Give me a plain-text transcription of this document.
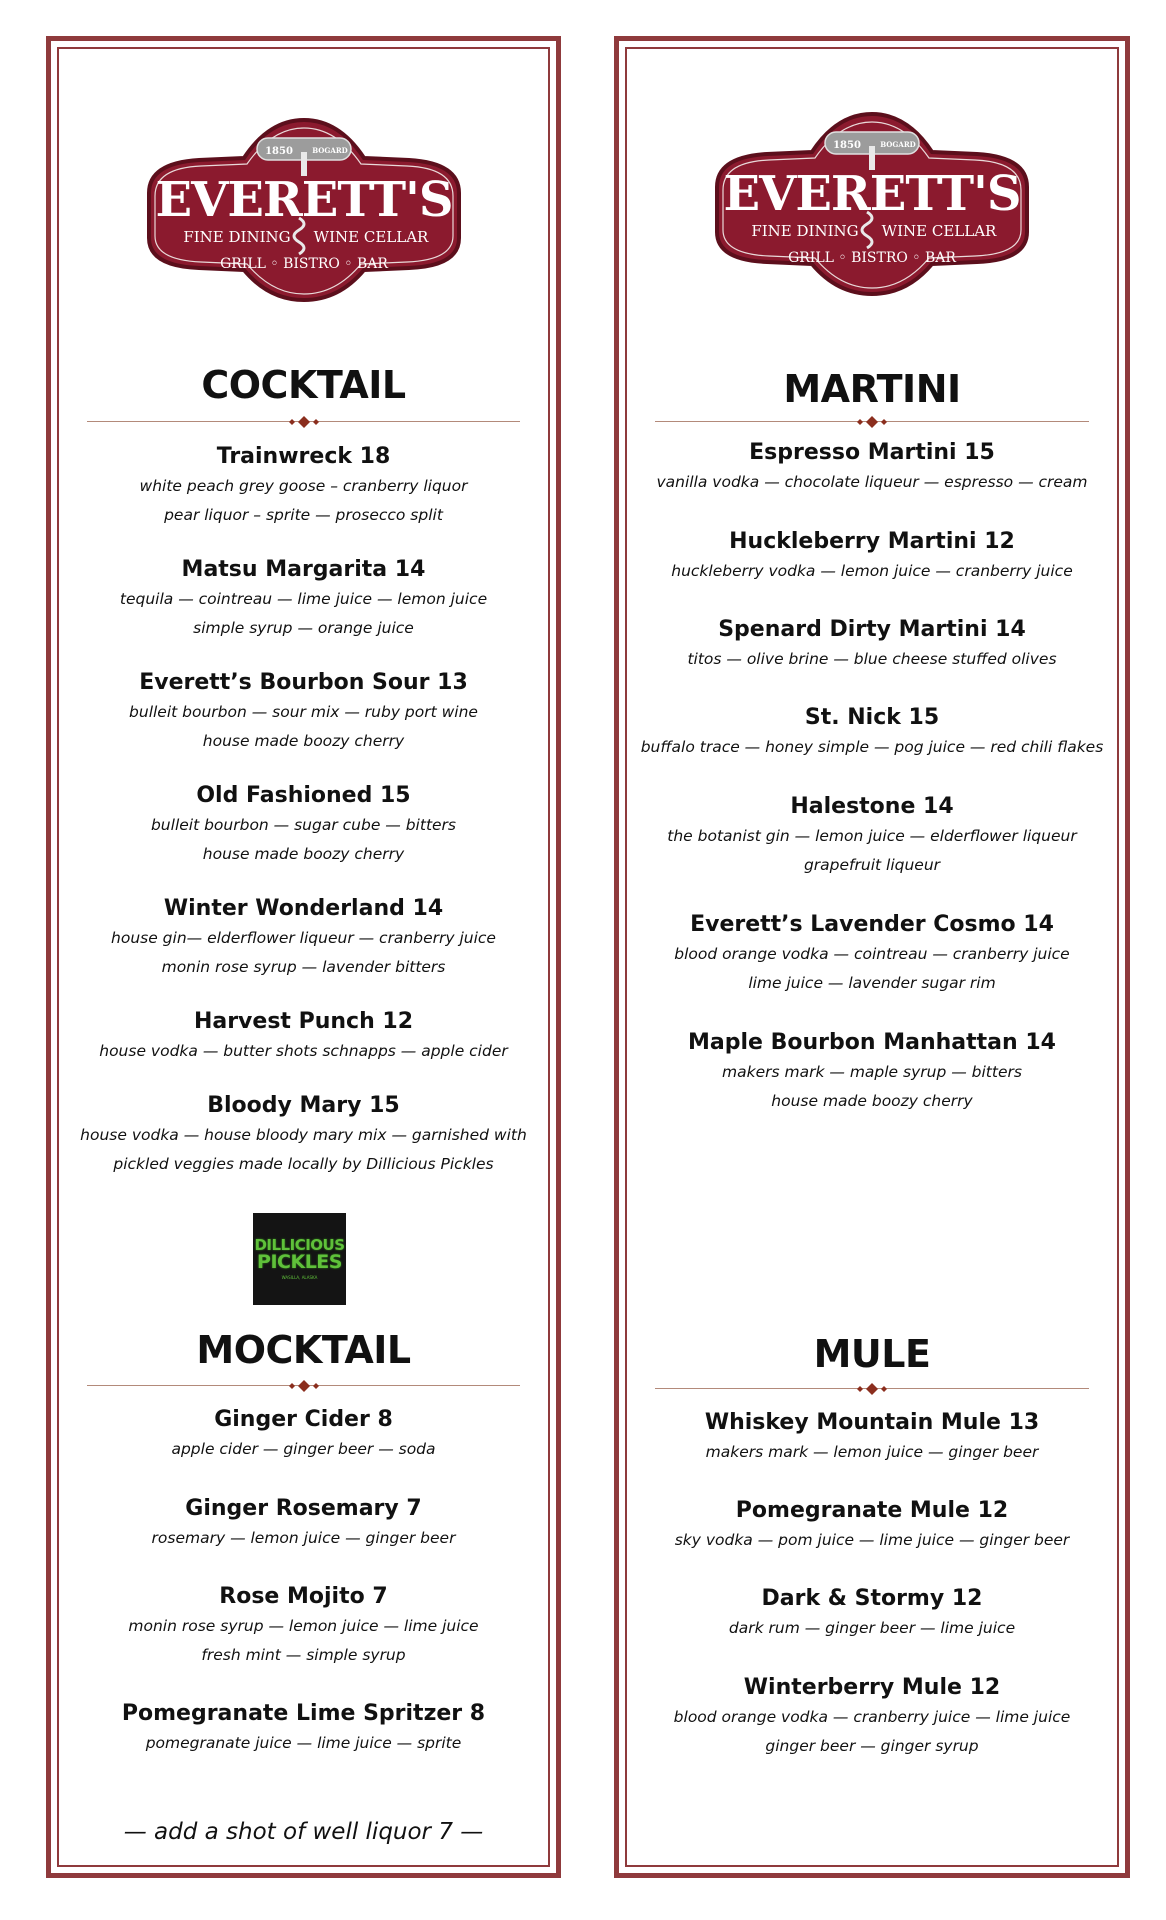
1850	BOGARD
EVERETT'S
FINE DINING WINE CELLAR
GRILL ◦ BISTRO ◦ BAR
COCKTAIL
Trainwreck 18
white peach grey goose – cranberry liquor
pear liquor – sprite — prosecco split
Matsu Margarita 14
tequila — cointreau — lime juice — lemon juice
simple syrup — orange juice
Everett’s Bourbon Sour 13
bulleit bourbon — sour mix — ruby port wine
house made boozy cherry
Old Fashioned 15
bulleit bourbon — sugar cube — bitters
house made boozy cherry
Winter Wonderland 14
house gin— elderflower liqueur — cranberry juice
monin rose syrup — lavender bitters
Harvest Punch 12
house vodka — butter shots schnapps — apple cider
Bloody Mary 15
house vodka — house bloody mary mix — garnished with
pickled veggies made locally by Dillicious Pickles
DILLICIOUS
PICKLES
WASILLA, ALASKA
MOCKTAIL
Ginger Cider 8
apple cider — ginger beer — soda
Ginger Rosemary 7
rosemary — lemon juice — ginger beer
Rose Mojito 7
monin rose syrup — lemon juice — lime juice
fresh mint — simple syrup
Pomegranate Lime Spritzer 8
pomegranate juice — lime juice — sprite
— add a shot of well liquor 7 —
1850	BOGARD
EVERETT'S
FINE DINING WINE CELLAR
GRILL ◦ BISTRO ◦ BAR
MARTINI
Espresso Martini 15
vanilla vodka — chocolate liqueur — espresso — cream
Huckleberry Martini 12
huckleberry vodka — lemon juice — cranberry juice
Spenard Dirty Martini 14
titos — olive brine — blue cheese stuffed olives
St. Nick 15
buffalo trace — honey simple — pog juice — red chili flakes
Halestone 14
the botanist gin — lemon juice — elderflower liqueur
grapefruit liqueur
Everett’s Lavender Cosmo 14
blood orange vodka — cointreau — cranberry juice
lime juice — lavender sugar rim
Maple Bourbon Manhattan 14
makers mark — maple syrup — bitters
house made boozy cherry
MULE
Whiskey Mountain Mule 13
makers mark — lemon juice — ginger beer
Pomegranate Mule 12
sky vodka — pom juice — lime juice — ginger beer
Dark & Stormy 12
dark rum — ginger beer — lime juice
Winterberry Mule 12
blood orange vodka — cranberry juice — lime juice
ginger beer — ginger syrup
